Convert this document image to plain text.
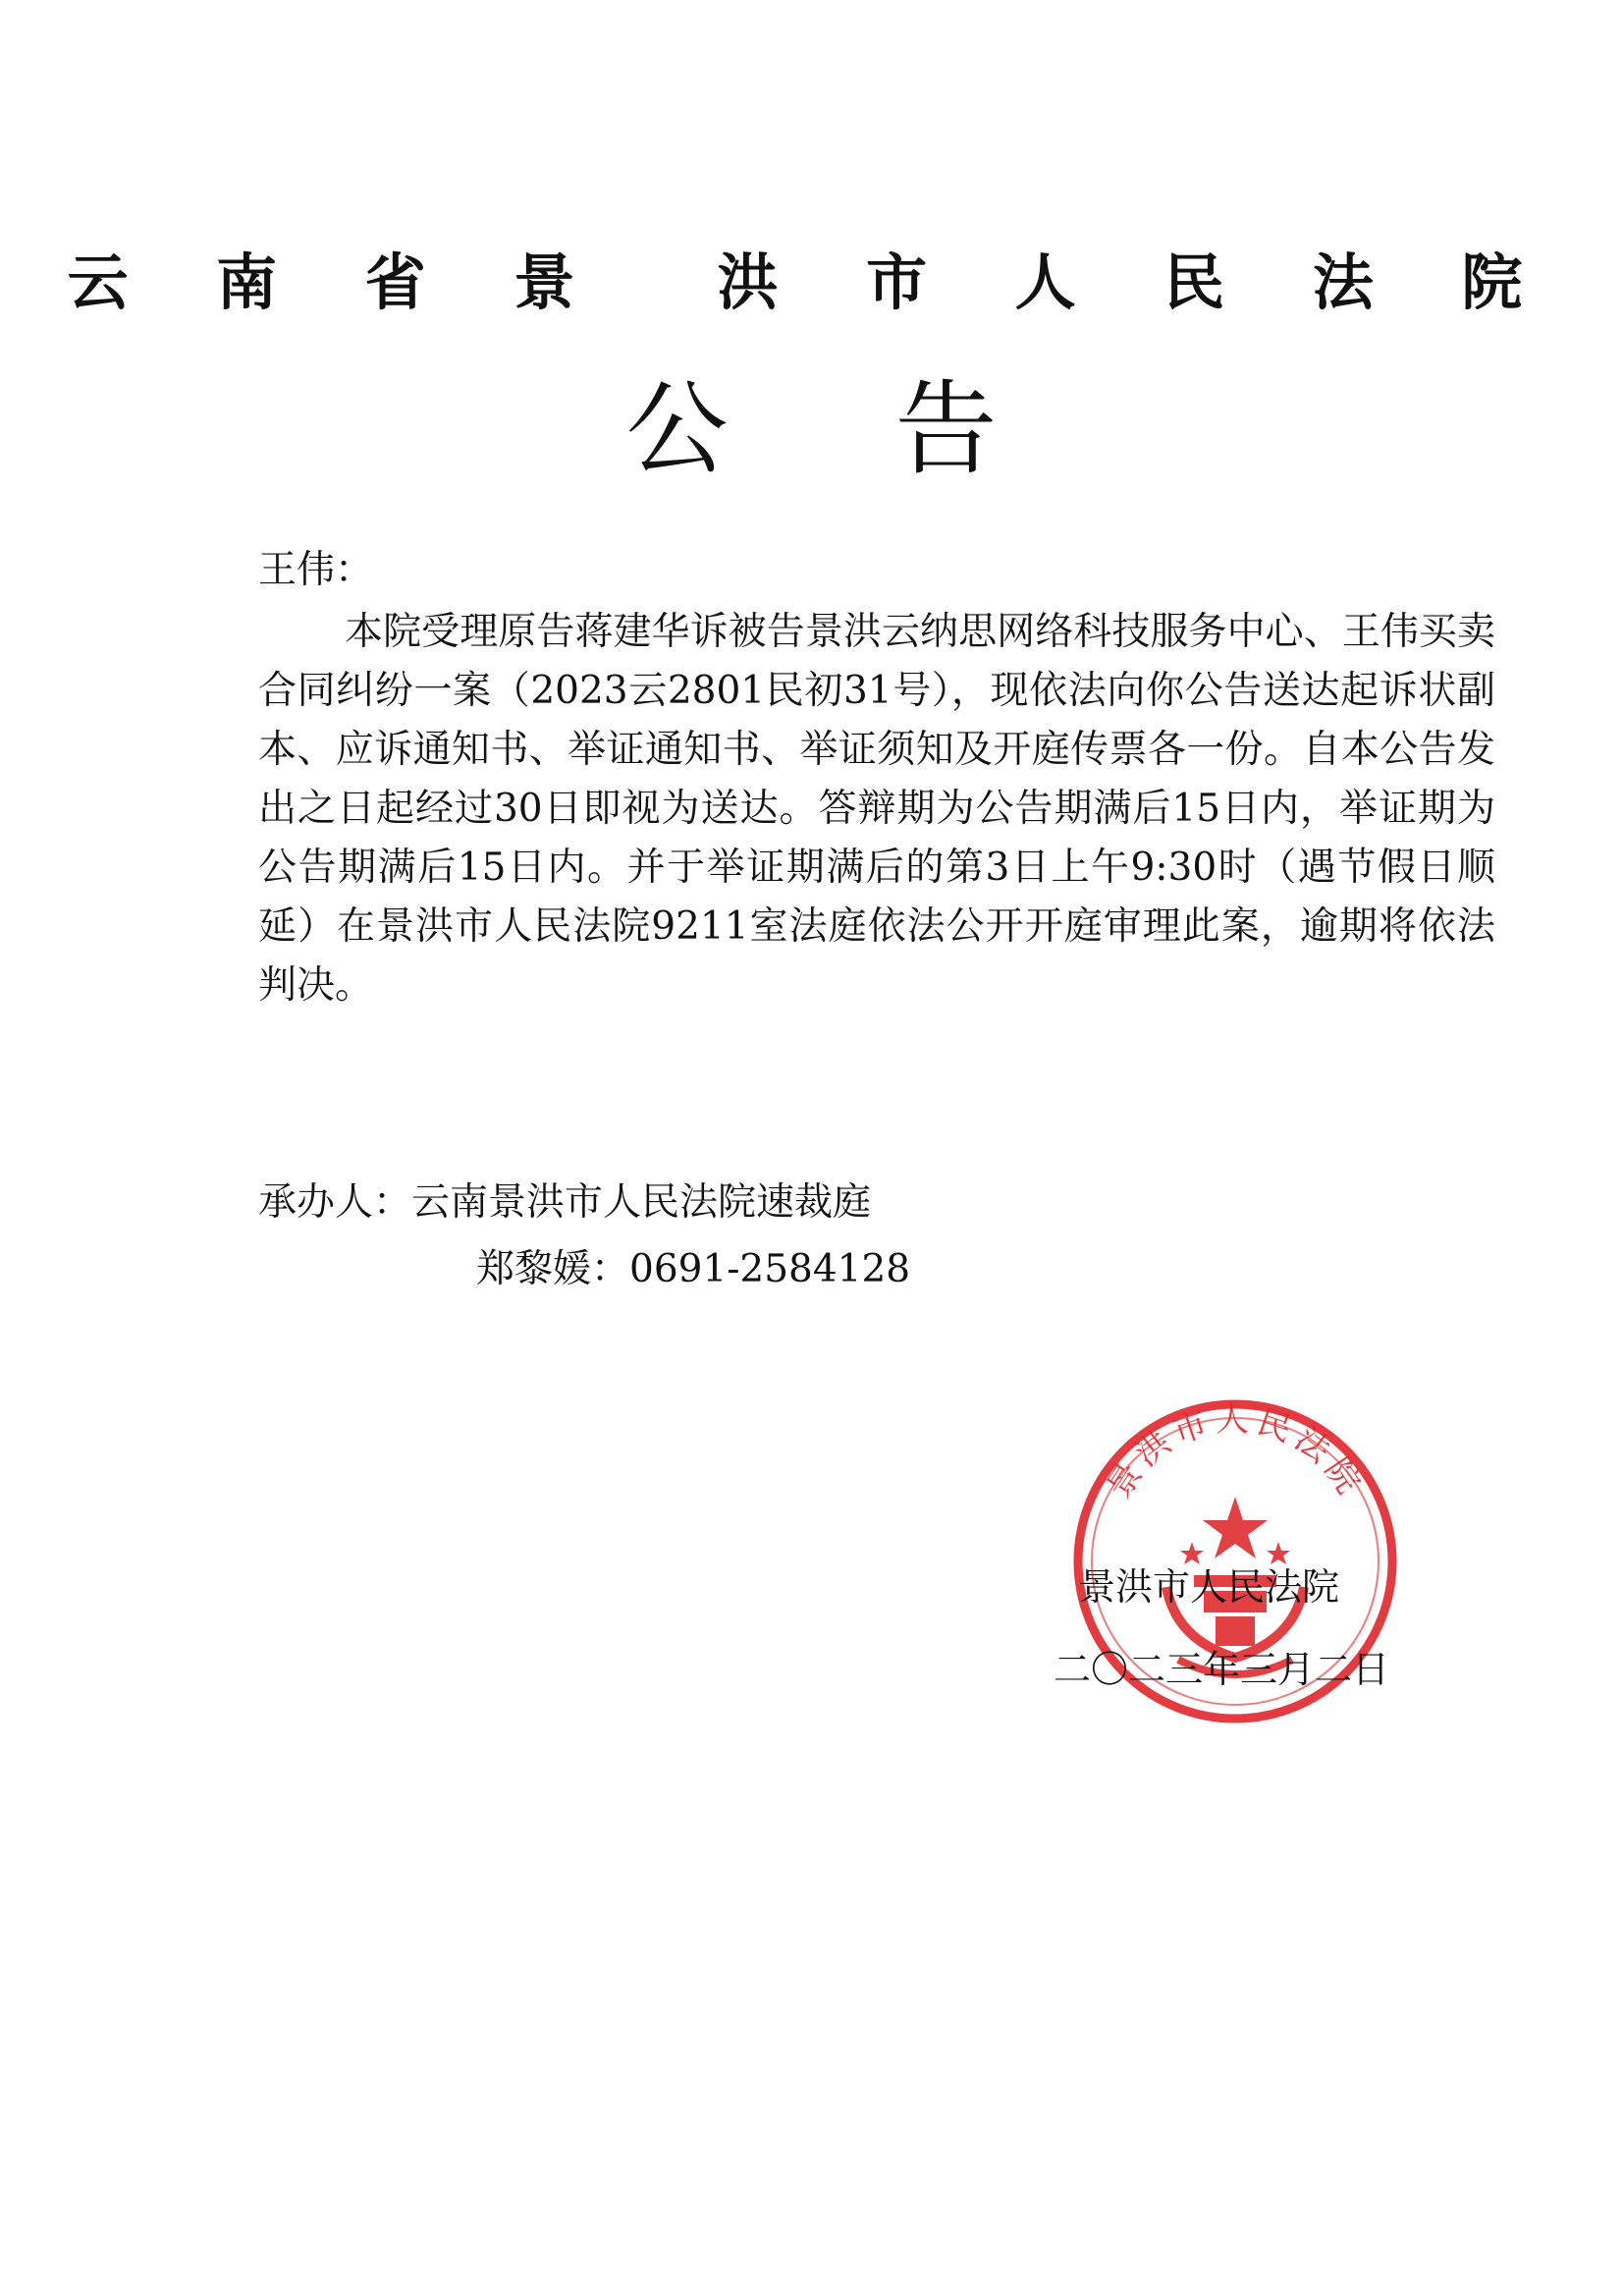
云 南 省 景  洪 市 人 民 法 院
公告
王伟：
本院受理原告蒋建华诉被告景洪云纳思网络科技服务中心、王伟买卖合同纠纷一案（2023云2801民初31号），现依法向你公告送达起诉状副本、应诉通知书、举证通知书、举证须知及开庭传票各一份。自本公告发出之日起经过30日即视为送达。答辩期为公告期满后15日内，举证期为公告期满后15日内。并于举证期满后的第3日上午9:30时（遇节假日顺延）在景洪市人民法院9211室法庭依法公开开庭审理此案，逾期将依法判决。
承办人：云南景洪市人民法院速裁庭
郑黎媛：0691-2584128
景洪市人民法院
景洪市人民法院
二〇二三年三月二日
